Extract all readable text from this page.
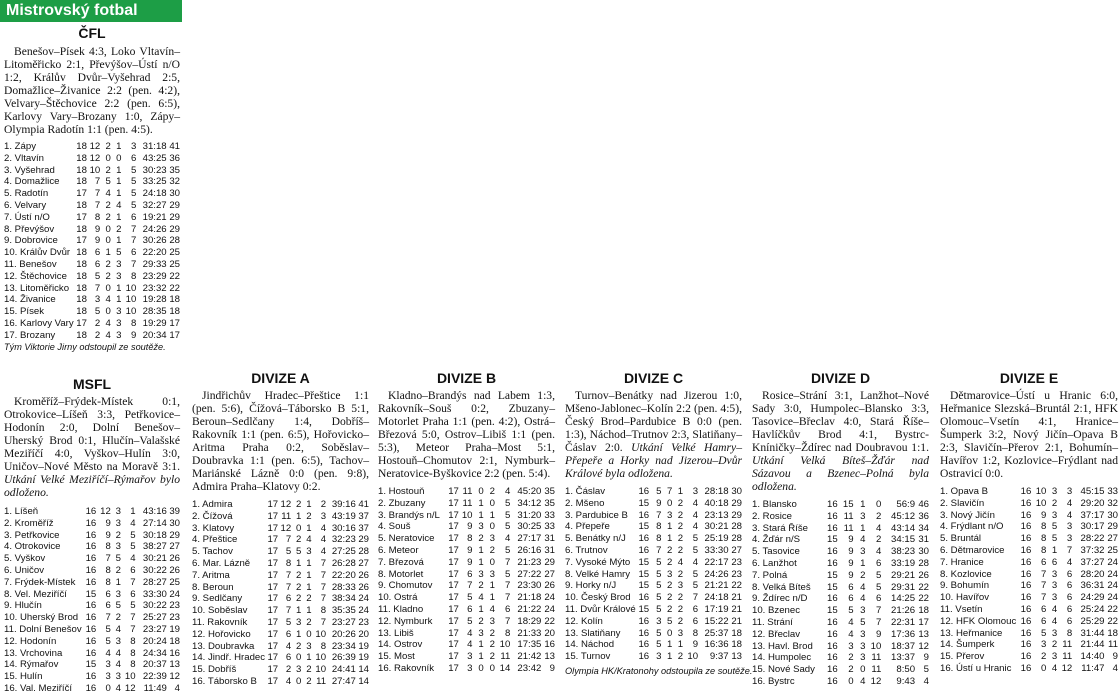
Mistrovský fotbal
ČFL

Benešov–Písek 4:3, Loko Vltavín–Litoměřicko 2:1, Převýšov–Ústí n/O 1:2, Králův Dvůr–Vyšehrad 2:5, Domažlice–Živanice 2:2 (pen. 4:2), Velvary–Štěchovice 2:2 (pen. 6:5), Karlovy Vary–Brozany 1:0, Zápy–Olympia Radotín 1:1 (pen. 4:5).

1. Zápy	18	12	2	1	3	31:18	41
2. Vltavín	18	12	0	0	6	43:25	36
3. Vyšehrad	18	10	2	1	5	30:23	35
4. Domažlice	18	7	5	1	5	33:25	32
5. Radotín	17	7	4	1	5	24:18	30
6. Velvary	18	7	2	4	5	32:27	29
7. Ústí n/O	17	8	2	1	6	19:21	29
8. Převýšov	18	9	0	2	7	24:26	29
9. Dobrovice	17	9	0	1	7	30:26	28
10. Králův Dvůr	18	6	1	5	6	22:20	25
11. Benešov	18	6	2	3	7	29:33	25
12. Štěchovice	18	5	2	3	8	23:29	22
13. Litoměřicko	18	7	0	1	10	23:32	22
14. Živanice	18	3	4	1	10	19:28	18
15. Písek	18	5	0	3	10	28:35	18
16. Karlovy Vary	17	2	4	3	8	19:29	17
17. Brozany	18	2	4	3	9	20:34	17
Tým Viktorie Jirny odstoupil ze soutěže.
MSFL

Kroměříž–Frýdek-Místek 0:1, Otrokovice–Líšeň 3:3, Petřkovice–Hodonín 2:0, Dolní Benešov–Uherský Brod 0:1, Hlučín–Valašské Meziříčí 4:0, Vyškov–Hulín 3:0, Uničov–Nové Město na Moravě 3:1. Utkání Velké Meziříčí–Rýmařov bylo odloženo.

1. Líšeň	16	12	3	1	43:16	39
2. Kroměříž	16	9	3	4	27:14	30
3. Petřkovice	16	9	2	5	30:18	29
4. Otrokovice	16	8	3	5	38:27	27
5. Vyškov	16	7	5	4	30:21	26
6. Uničov	16	8	2	6	30:22	26
7. Frýdek-Místek	16	8	1	7	28:27	25
8. Vel. Meziříčí	15	6	3	6	33:30	24
9. Hlučín	16	6	5	5	30:22	23
10. Uherský Brod	16	7	2	7	25:27	23
11. Dolní Benešov	16	5	4	7	23:27	19
12. Hodonín	16	5	3	8	20:24	18
13. Vrchovina	16	4	4	8	24:34	16
14. Rýmařov	15	3	4	8	20:37	13
15. Hulín	16	3	3	10	22:39	12
16. Val. Meziříčí	16	0	4	12	11:49	4
DIVIZE A

Jindřichův Hradec–Přeštice 1:1 (pen. 5:6), Čížová–Táborsko B 5:1, Beroun–Sedlčany 1:4, Dobříš–Rakovník 1:1 (pen. 6:5), Hořovicko–Aritma Praha 0:2, Soběslav–Doubravka 1:1 (pen. 6:5), Tachov–Mariánské Lázně 0:0 (pen. 9:8), Admira Praha–Klatovy 0:2.

1. Admira	17	12	2	1	2	39:16	41
2. Čížová	17	11	1	2	3	43:19	37
3. Klatovy	17	12	0	1	4	30:16	37
4. Přeštice	17	7	2	4	4	32:23	29
5. Tachov	17	5	5	3	4	27:25	28
6. Mar. Lázně	17	8	1	1	7	26:28	27
7. Aritma	17	7	2	1	7	22:20	26
8. Beroun	17	7	2	1	7	28:33	26
9. Sedlčany	17	6	2	2	7	38:34	24
10. Soběslav	17	7	1	1	8	35:35	24
11. Rakovník	17	5	3	2	7	23:27	23
12. Hořovicko	17	6	1	0	10	20:26	20
13. Doubravka	17	4	2	3	8	23:34	19
14. Jindř. Hradec	17	6	0	1	10	26:39	19
15. Dobříš	17	2	3	2	10	24:41	14
16. Táborsko B	17	4	0	2	11	27:47	14
DIVIZE B

Kladno–Brandýs nad Labem 1:3, Rakovník–Souš 0:2, Zbuzany–Motorlet Praha 1:1 (pen. 4:2), Ostrá–Březová 5:0, Ostrov–Libiš 1:1 (pen. 5:3), Meteor Praha–Most 5:1, Hostouň–Chomutov 2:1, Nymburk– Neratovice-Byškovice 2:2 (pen. 5:4).

1. Hostouň	17	11	0	2	4	45:20	35
2. Zbuzany	17	11	1	0	5	34:12	35
3. Brandýs n/L	17	10	1	1	5	31:20	33
4. Souš	17	9	3	0	5	30:25	33
5. Neratovice	17	8	2	3	4	27:17	31
6. Meteor	17	9	1	2	5	26:16	31
7. Březová	17	9	1	0	7	21:23	29
8. Motorlet	17	6	3	3	5	27:22	27
9. Chomutov	17	7	2	1	7	23:30	26
10. Ostrá	17	5	4	1	7	21:18	24
11. Kladno	17	6	1	4	6	21:22	24
12. Nymburk	17	5	2	3	7	18:29	22
13. Libiš	17	4	3	2	8	21:33	20
14. Ostrov	17	4	1	2	10	17:35	16
15. Most	17	3	1	2	11	21:42	13
16. Rakovník	17	3	0	0	14	23:42	9
DIVIZE C

Turnov–Benátky nad Jizerou 1:0, Mšeno-Jablonec–Kolín 2:2 (pen. 4:5), Český Brod–Pardubice B 0:0 (pen. 1:3), Náchod–Trutnov 2:3, Slatiňany–Čáslav 2:0. Utkání Velké Hamry–Přepeře a Horky nad Jizerou–Dvůr Králové byla odložena.

1. Čáslav	16	5	7	1	3	28:18	30
2. Mšeno	15	9	0	2	4	40:18	29
3. Pardubice B	16	7	3	2	4	23:13	29
4. Přepeře	15	8	1	2	4	30:21	28
5. Benátky n/J	16	8	1	2	5	25:19	28
6. Trutnov	16	7	2	2	5	33:30	27
7. Vysoké Mýto	15	5	2	4	4	22:17	23
8. Velké Hamry	15	5	3	2	5	24:26	23
9. Horky n/J	15	5	2	3	5	21:21	22
10. Český Brod	16	5	2	2	7	24:18	21
11. Dvůr Králové	15	5	2	2	6	17:19	21
12. Kolín	16	3	5	2	6	15:22	21
13. Slatiňany	16	5	0	3	8	25:37	18
14. Náchod	16	5	1	1	9	16:36	18
15. Turnov	16	3	1	2	10	9:37	13
Olympia HK/Kratonohy odstoupila ze soutěže.
DIVIZE D

Rosice–Strání 3:1, Lanžhot–Nové Sady 3:0, Humpolec–Blansko 3:3, Tasovice–Břeclav 4:0, Stará Říše–Havlíčkův Brod 4:1, Bystrc-Kníničky–Ždírec nad Doubravou 1:1. Utkání Velká Bíteš–Žďár nad Sázavou a Bzenec–Polná byla odložena.

1. Blansko	16	15	1	0	56:9	46
2. Rosice	16	11	3	2	45:12	36
3. Stará Říše	16	11	1	4	43:14	34
4. Žďár n/S	15	9	4	2	34:15	31
5. Tasovice	16	9	3	4	38:23	30
6. Lanžhot	16	9	1	6	33:19	28
7. Polná	15	9	2	5	29:21	26
8. Velká Bíteš	15	6	4	5	29:31	22
9. Ždírec n/D	16	6	4	6	14:25	22
10. Bzenec	15	5	3	7	21:26	18
11. Strání	16	4	5	7	22:31	17
12. Břeclav	16	4	3	9	17:36	13
13. Havl. Brod	16	3	3	10	18:37	12
14. Humpolec	16	2	3	11	13:37	9
15. Nové Sady	16	2	0	11	8:50	5
16. Bystrc	16	0	4	12	9:43	4
DIVIZE E

Dětmarovice–Ústí u Hranic 6:0, Heřmanice Slezská–Bruntál 2:1, HFK Olomouc–Vsetín 4:1, Hranice–Šumperk 3:2, Nový Jičín–Opava B 2:3, Slavičín–Přerov 2:1, Bohumín–Havířov 1:2, Kozlovice–Frýdlant nad Ostravicí 0:0.

1. Opava B	16	10	3	3	45:15	33
2. Slavičín	16	10	2	4	29:20	32
3. Nový Jičín	16	9	3	4	37:17	30
4. Frýdlant n/O	16	8	5	3	30:17	29
5. Bruntál	16	8	5	3	28:22	27
6. Dětmarovice	16	8	1	7	37:32	25
7. Hranice	16	6	6	4	37:27	24
8. Kozlovice	16	7	3	6	28:20	24
9. Bohumín	16	7	3	6	36:31	24
10. Havířov	16	7	3	6	24:29	24
11. Vsetín	16	6	4	6	25:24	22
12. HFK Olomouc	16	6	4	6	25:29	22
13. Heřmanice	16	5	3	8	31:44	18
14. Šumperk	16	3	2	11	21:44	11
15. Přerov	16	2	3	11	14:40	9
16. Ústí u Hranic	16	0	4	12	11:47	4
